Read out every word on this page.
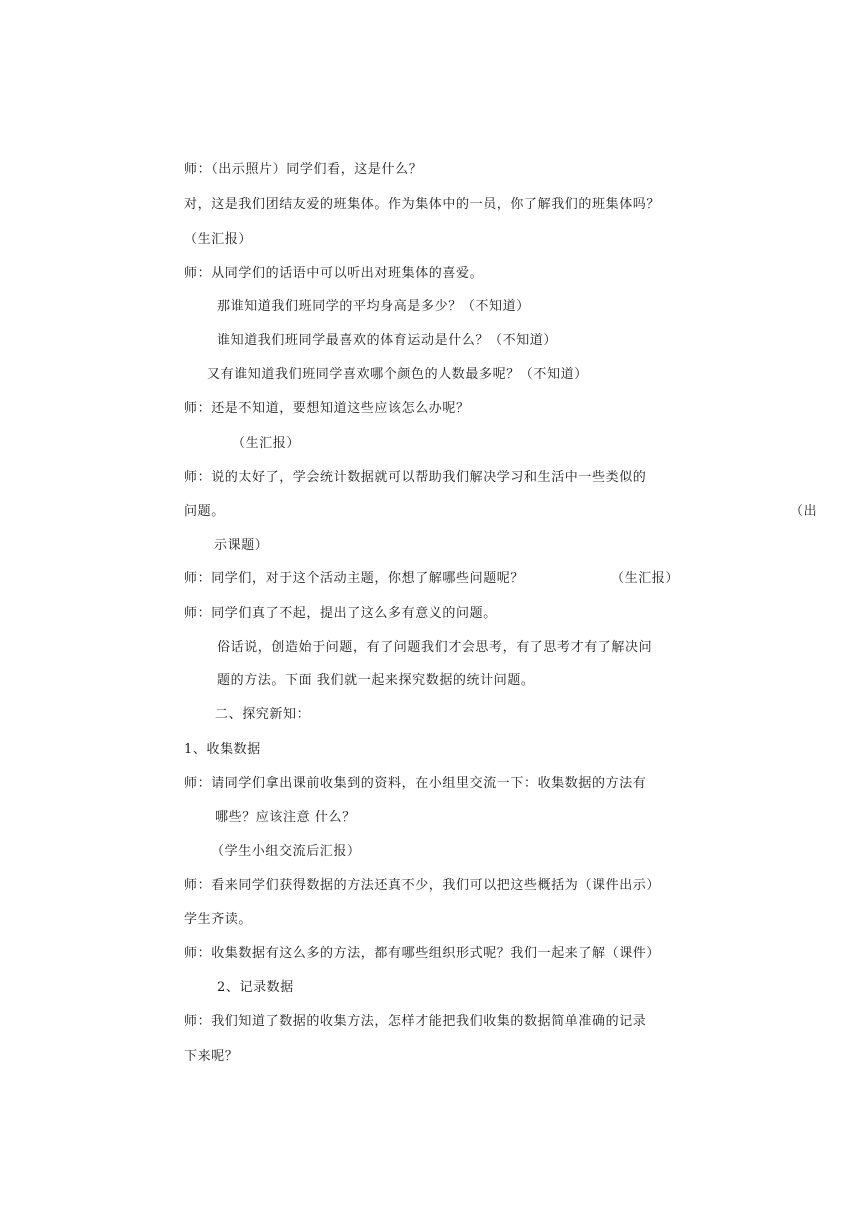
师：（出示照片）同学们看，这是什么？
对，这是我们团结友爱的班集体。作为集体中的一员，你了解我们的班集体吗？
（生汇报）
师：从同学们的话语中可以听出对班集体的喜爱。
那谁知道我们班同学的平均身高是多少？（不知道）
谁知道我们班同学最喜欢的体育运动是什么？（不知道）
又有谁知道我们班同学喜欢哪个颜色的人数最多呢？（不知道）
师：还是不知道，要想知道这些应该怎么办呢？
（生汇报）
师：说的太好了，学会统计数据就可以帮助我们解决学习和生活中一些类似的
问题。	（出
示课题）
师：同学们，对于这个活动主题，你想了解哪些问题呢？	（生汇报）
师：同学们真了不起，提出了这么多有意义的问题。
俗话说，创造始于问题，有了问题我们才会思考，有了思考才有了解决问
题的方法。下面 我们就一起来探究数据的统计问题。
二、探究新知：
1、收集数据
师：请同学们拿出课前收集到的资料，在小组里交流一下：收集数据的方法有
哪些？应该注意 什么？
（学生小组交流后汇报）
师：看来同学们获得数据的方法还真不少，我们可以把这些概括为（课件出示）
学生齐读。
师：收集数据有这么多的方法，都有哪些组织形式呢？我们一起来了解（课件）
2、记录数据
师：我们知道了数据的收集方法，怎样才能把我们收集的数据简单准确的记录
下来呢？
